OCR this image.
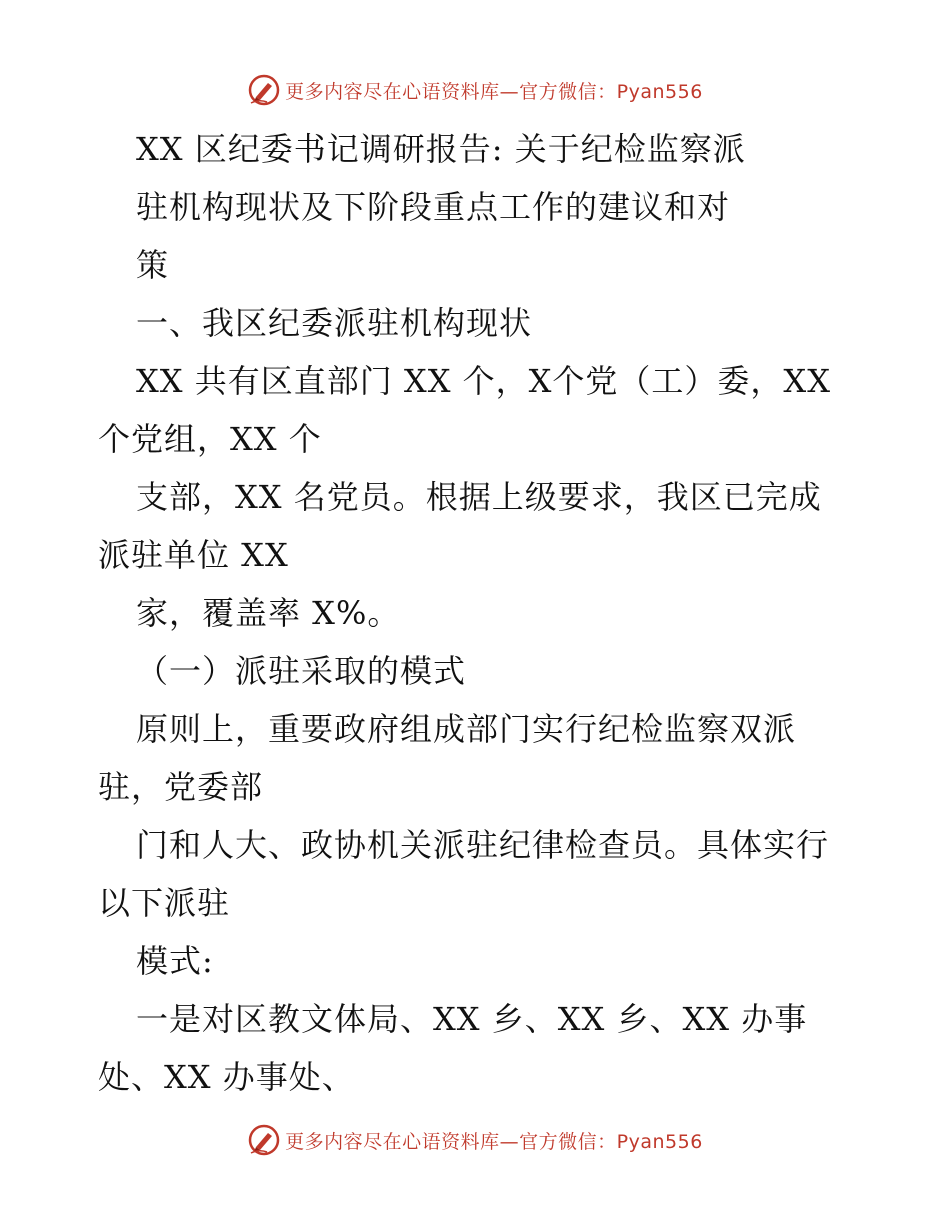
更多内容尽在心语资料库—官方微信：Pyan556
XX 区纪委书记调研报告: 关于纪检监察派
驻机构现状及下阶段重点工作的建议和对
策
一、我区纪委派驻机构现状
XX 共有区直部门 XX 个，X个党（工）委，XX
个党组，XX 个
支部，XX 名党员。根据上级要求，我区已完成
派驻单位 XX
家，覆盖率 X%。
（一）派驻采取的模式
原则上，重要政府组成部门实行纪检监察双派
驻，党委部
门和人大、政协机关派驻纪律检查员。具体实行
以下派驻
模式:
一是对区教文体局、XX 乡、XX 乡、XX 办事
处、XX 办事处、
更多内容尽在心语资料库—官方微信：Pyan556
